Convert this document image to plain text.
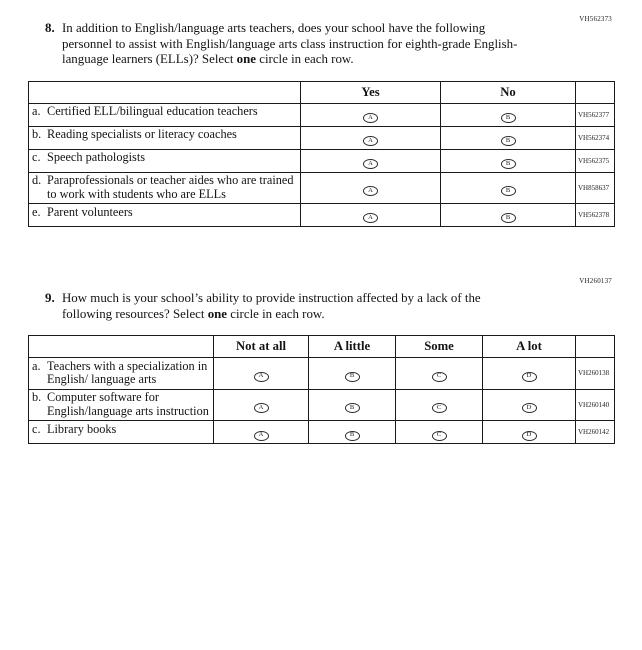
VH562373
8. In addition to English/language arts teachers, does your school have the following personnel to assist with English/language arts class instruction for eighth-grade English-language learners (ELLs)? Select one circle in each row.
	Yes	No	

a. Certified ELL/bilingual education teachers	A	B	VH562377

b. Reading specialists or literacy coaches	A	B	VH562374

c. Speech pathologists	A	B	VH562375

d. Paraprofessionals or teacher aides who are trained to work with students who are ELLs	A	B	VH858637

e. Parent volunteers	A	B	VH562378
VH260137
9. How much is your school’s ability to provide instruction affected by a lack of the following resources? Select one circle in each row.
	Not at all	A little	Some	A lot	

a. Teachers with a specialization in English/ language arts	A	B	C	D	VH260138

b. Computer software for English/language arts instruction	A	B	C	D	VH260140

c. Library books	A	B	C	D	VH260142
